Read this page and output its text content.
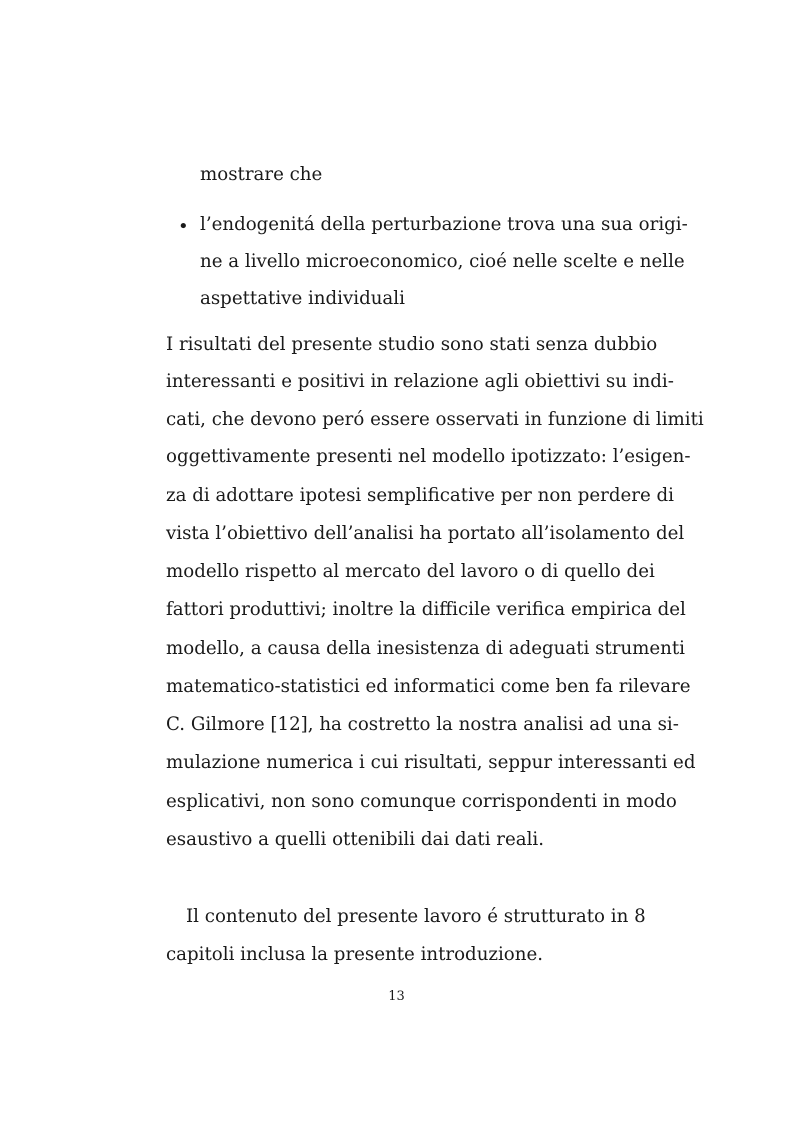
mostrare che

• l’endogenitá della perturbazione trova una sua origi-

ne a livello microeconomico, cioé nelle scelte e nelle

aspettative individuali

I risultati del presente studio sono stati senza dubbio

interessanti e positivi in relazione agli obiettivi su indi-

cati, che devono peró essere osservati in funzione di limiti

oggettivamente presenti nel modello ipotizzato: l’esigen-

za di adottare ipotesi semplificative per non perdere di

vista l’obiettivo dell’analisi ha portato all’isolamento del

modello rispetto al mercato del lavoro o di quello dei

fattori produttivi; inoltre la difficile verifica empirica del

modello, a causa della inesistenza di adeguati strumenti

matematico-statistici ed informatici come ben fa rilevare

C. Gilmore [12], ha costretto la nostra analisi ad una si-

mulazione numerica i cui risultati, seppur interessanti ed

esplicativi, non sono comunque corrispondenti in modo

esaustivo a quelli ottenibili dai dati reali.

Il contenuto del presente lavoro é strutturato in 8

capitoli inclusa la presente introduzione.

13
